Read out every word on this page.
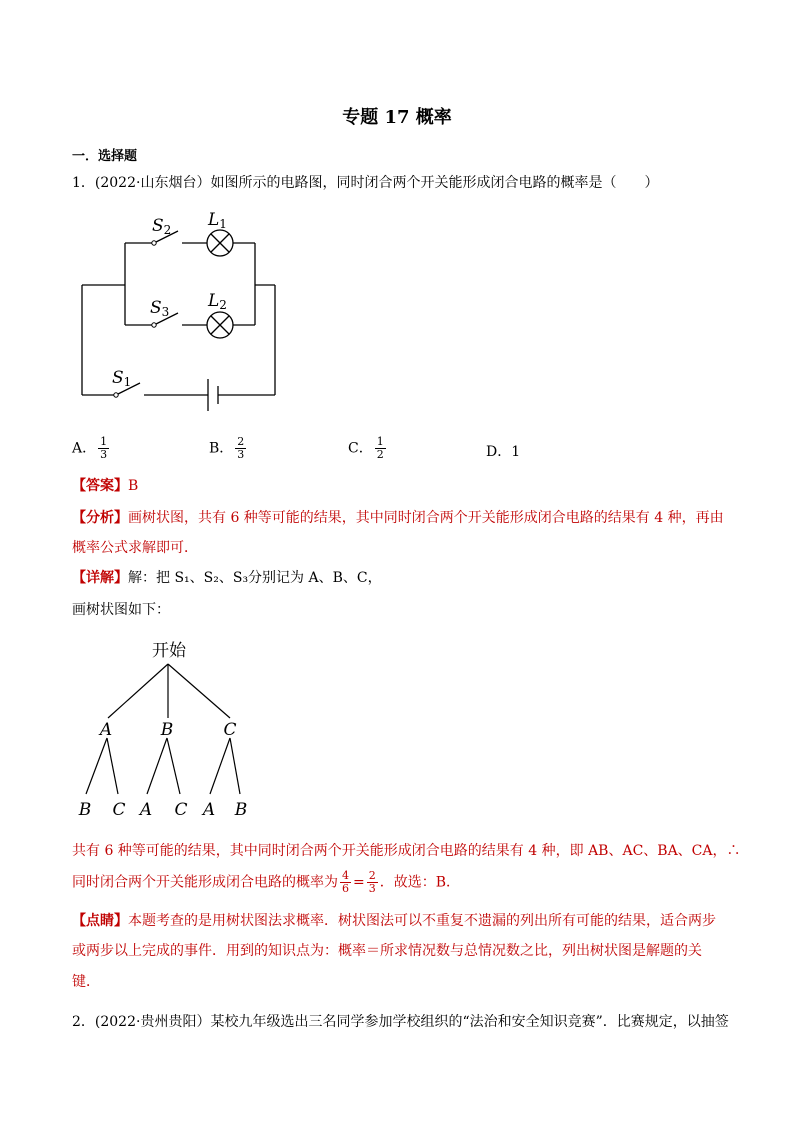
专题 17 概率
一．选择题
1．(2022·山东烟台）如图所示的电路图，同时闭合两个开关能形成闭合电路的概率是（　　）
S2 L1
S3
L2
S1
A． $\frac{1}{3}$	B． $\frac{2}{3}$	C． $\frac{1}{2}$	D．1
【答案】B
【分析】画树状图，共有 6 种等可能的结果，其中同时闭合两个开关能形成闭合电路的结果有 4 种，再由
概率公式求解即可．
【详解】解：把 S₁、S₂、S₃分别记为 A、B、C，
画树状图如下：
开始
A	B	C
B C A C A B
共有 6 种等可能的结果，其中同时闭合两个开关能形成闭合电路的结果有 4 种，即 AB、AC、BA、CA，∴
同时闭合两个开关能形成闭合电路的概率为 $\frac{4}{6} = \frac{2}{3}$ ．故选：B．
【点睛】本题考查的是用树状图法求概率．树状图法可以不重复不遗漏的列出所有可能的结果，适合两步
或两步以上完成的事件．用到的知识点为：概率＝所求情况数与总情况数之比，列出树状图是解题的关
键．
2．(2022·贵州贵阳）某校九年级选出三名同学参加学校组织的“法治和安全知识竞赛”．比赛规定，以抽签
